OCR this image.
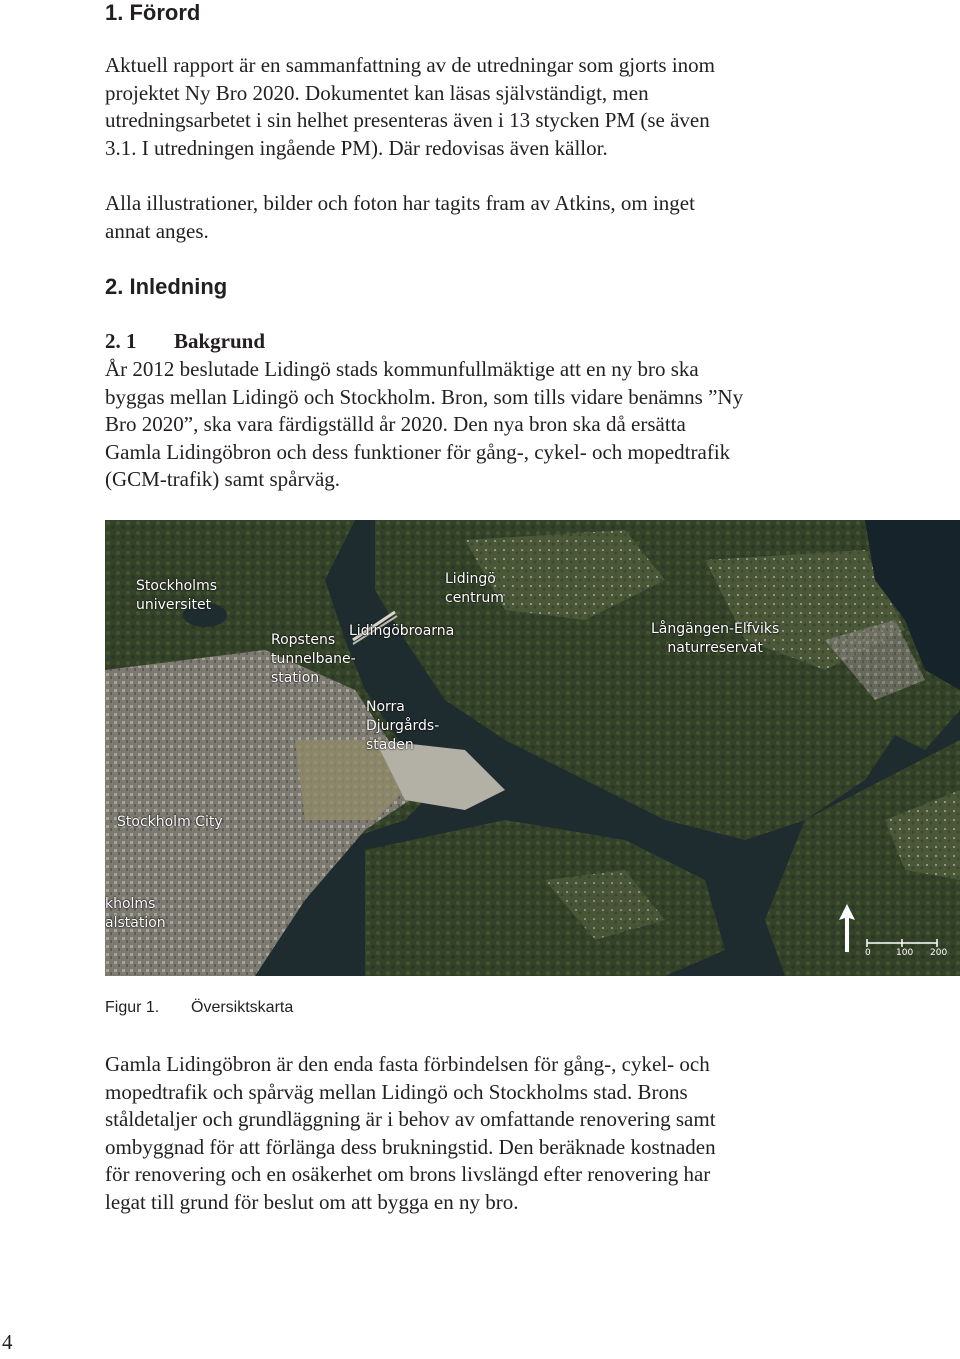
1. Förord

Aktuell rapport är en sammanfattning av de utredningar som gjorts inom projektet Ny Bro 2020. Dokumentet kan läsas självständigt, men utredningsarbetet i sin helhet presenteras även i 13 stycken PM (se även 3.1. I utredningen ingående PM). Där redovisas även källor.

Alla illustrationer, bilder och foton har tagits fram av Atkins, om inget annat anges.

2. Inledning
2. 1 Bakgrund

År 2012 beslutade Lidingö stads kommunfullmäktige att en ny bro ska byggas mellan Lidingö och Stockholm. Bron, som tills vidare benämns ”Ny Bro 2020”, ska vara färdigställd år 2020. Den nya bron ska då ersätta Gamla Lidingöbron och dess funktioner för gång-, cykel- och mopedtrafik (GCM-trafik) samt spårväg.

Stockholms
universitet
Lidingö
centrum
Ropstens
tunnelbane-
station
Lidingöbroarna	Långängen-Elfviks
naturreservat
Norra
Djurgårds-
staden
Stockholm City
kholms
alstation
0	100 200
Figur 1. Översiktskarta

Gamla Lidingöbron är den enda fasta förbindelsen för gång-, cykel- och mopedtrafik och spårväg mellan Lidingö och Stockholms stad. Brons ståldetaljer och grundläggning är i behov av omfattande renovering samt ombyggnad för att förlänga dess brukningstid. Den beräknade kostnaden för renovering och en osäkerhet om brons livslängd efter renovering har legat till grund för beslut om att bygga en ny bro.

4
